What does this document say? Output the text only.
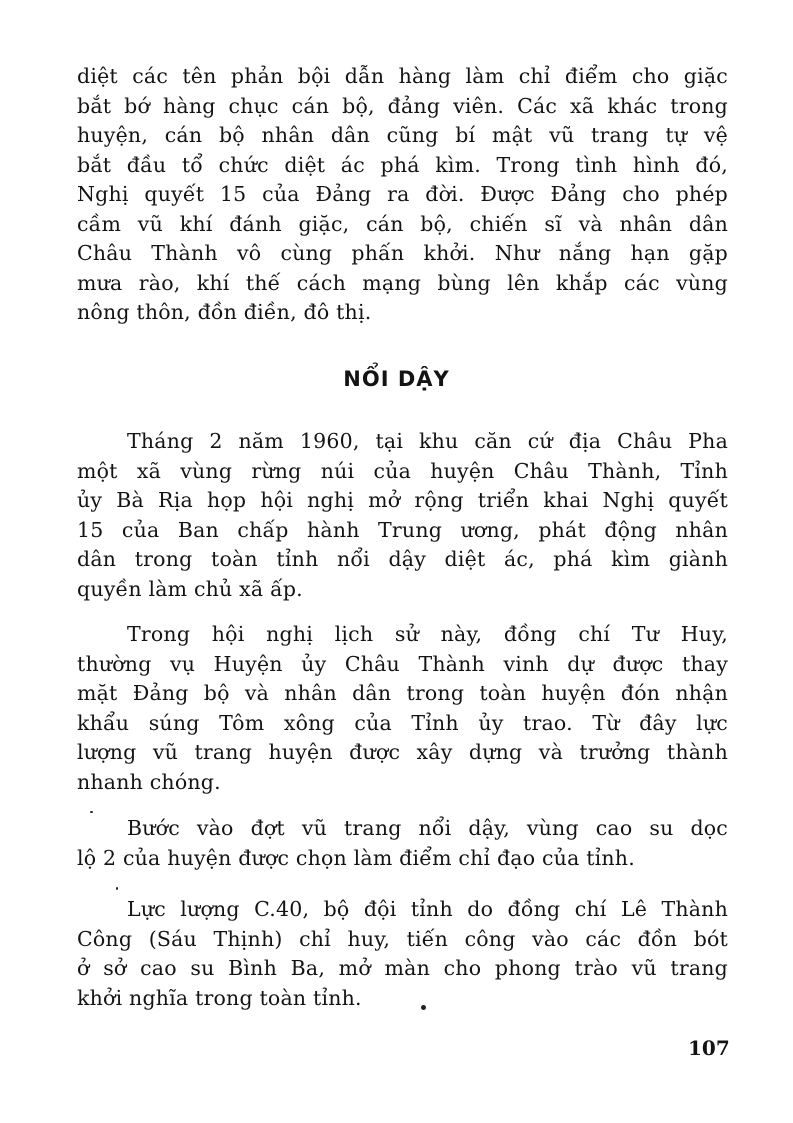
diệt các tên phản bội dẫn hàng làm chỉ điểm cho giặc
bắt bớ hàng chục cán bộ, đảng viên. Các xã khác trong
huyện, cán bộ nhân dân cũng bí mật vũ trang tự vệ
bắt đầu tổ chức diệt ác phá kìm. Trong tình hình đó,
Nghị quyết 15 của Đảng ra đời. Được Đảng cho phép
cầm vũ khí đánh giặc, cán bộ, chiến sĩ và nhân dân
Châu Thành vô cùng phấn khởi. Như nắng hạn gặp
mưa rào, khí thế cách mạng bùng lên khắp các vùng
nông thôn, đồn điền, đô thị.
NỔI DẬY
Tháng 2 năm 1960, tại khu căn cứ địa Châu Pha
một xã vùng rừng núi của huyện Châu Thành, Tỉnh
ủy Bà Rịa họp hội nghị mở rộng triển khai Nghị quyết
15 của Ban chấp hành Trung ương, phát động nhân
dân trong toàn tỉnh nổi dậy diệt ác, phá kìm giành
quyền làm chủ xã ấp.
Trong hội nghị lịch sử này, đồng chí Tư Huy,
thường vụ Huyện ủy Châu Thành vinh dự được thay
mặt Đảng bộ và nhân dân trong toàn huyện đón nhận
khẩu súng Tôm xông của Tỉnh ủy trao. Từ đây lực
lượng vũ trang huyện được xây dựng và trưởng thành
nhanh chóng.
Bước vào đợt vũ trang nổi dậy, vùng cao su dọc
lộ 2 của huyện được chọn làm điểm chỉ đạo của tỉnh.
Lực lượng C.40, bộ đội tỉnh do đồng chí Lê Thành
Công (Sáu Thịnh) chỉ huy, tiến công vào các đồn bót
ở sở cao su Bình Ba, mở màn cho phong trào vũ trang
khởi nghĩa trong toàn tỉnh.
107
